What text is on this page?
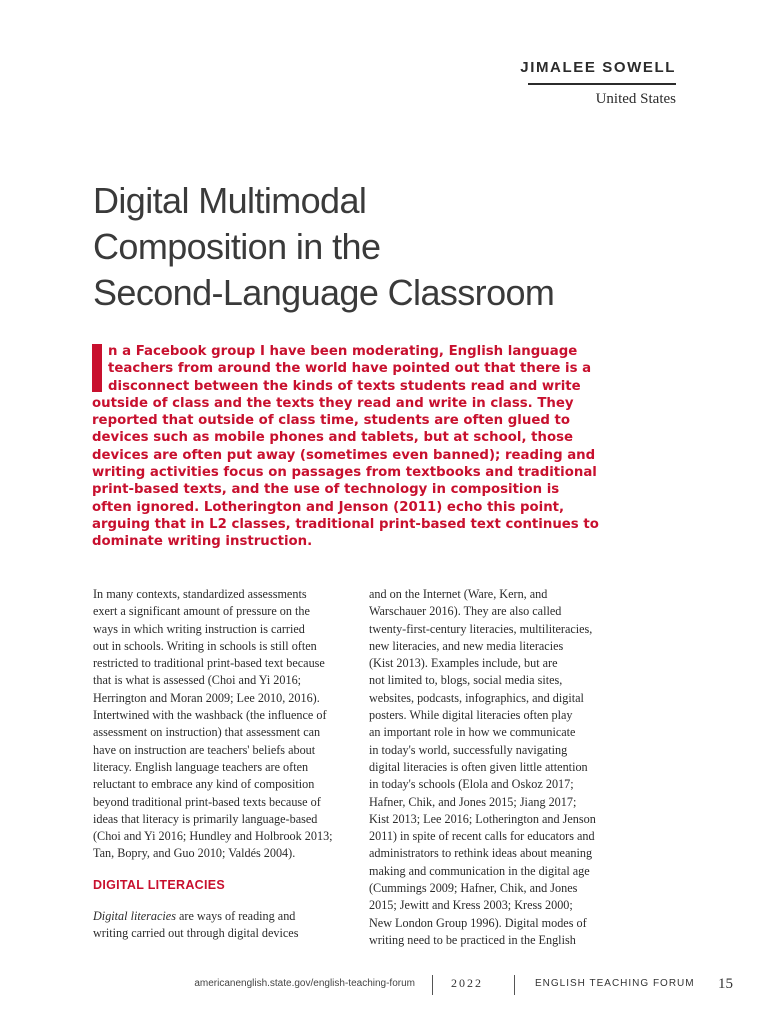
JIMALEE SOWELL
United States
Digital Multimodal
Composition in the
Second-Language Classroom
n a Facebook group I have been moderating, English language
teachers from around the world have pointed out that there is a
disconnect between the kinds of texts students read and write
outside of class and the texts they read and write in class. They
reported that outside of class time, students are often glued to
devices such as mobile phones and tablets, but at school, those
devices are often put away (sometimes even banned); reading and
writing activities focus on passages from textbooks and traditional
print-based texts, and the use of technology in composition is
often ignored. Lotherington and Jenson (2011) echo this point,
arguing that in L2 classes, traditional print-based text continues to
dominate writing instruction.
In many contexts, standardized assessments
exert a significant amount of pressure on the
ways in which writing instruction is carried
out in schools. Writing in schools is still often
restricted to traditional print-based text because
that is what is assessed (Choi and Yi 2016;
Herrington and Moran 2009; Lee 2010, 2016).
Intertwined with the washback (the influence of
assessment on instruction) that assessment can
have on instruction are teachers' beliefs about
literacy. English language teachers are often
reluctant to embrace any kind of composition
beyond traditional print-based texts because of
ideas that literacy is primarily language-based
(Choi and Yi 2016; Hundley and Holbrook 2013;
Tan, Bopry, and Guo 2010; Valdés 2004).
DIGITAL LITERACIES
Digital literacies are ways of reading and
writing carried out through digital devices
and on the Internet (Ware, Kern, and
Warschauer 2016). They are also called
twenty-first-century literacies, multiliteracies,
new literacies, and new media literacies
(Kist 2013). Examples include, but are
not limited to, blogs, social media sites,
websites, podcasts, infographics, and digital
posters. While digital literacies often play
an important role in how we communicate
in today's world, successfully navigating
digital literacies is often given little attention
in today's schools (Elola and Oskoz 2017;
Hafner, Chik, and Jones 2015; Jiang 2017;
Kist 2013; Lee 2016; Lotherington and Jenson
2011) in spite of recent calls for educators and
administrators to rethink ideas about meaning
making and communication in the digital age
(Cummings 2009; Hafner, Chik, and Jones
2015; Jewitt and Kress 2003; Kress 2000;
New London Group 1996). Digital modes of
writing need to be practiced in the English
americanenglish.state.gov/english-teaching-forum	2022	ENGLISH TEACHING FORUM 15
